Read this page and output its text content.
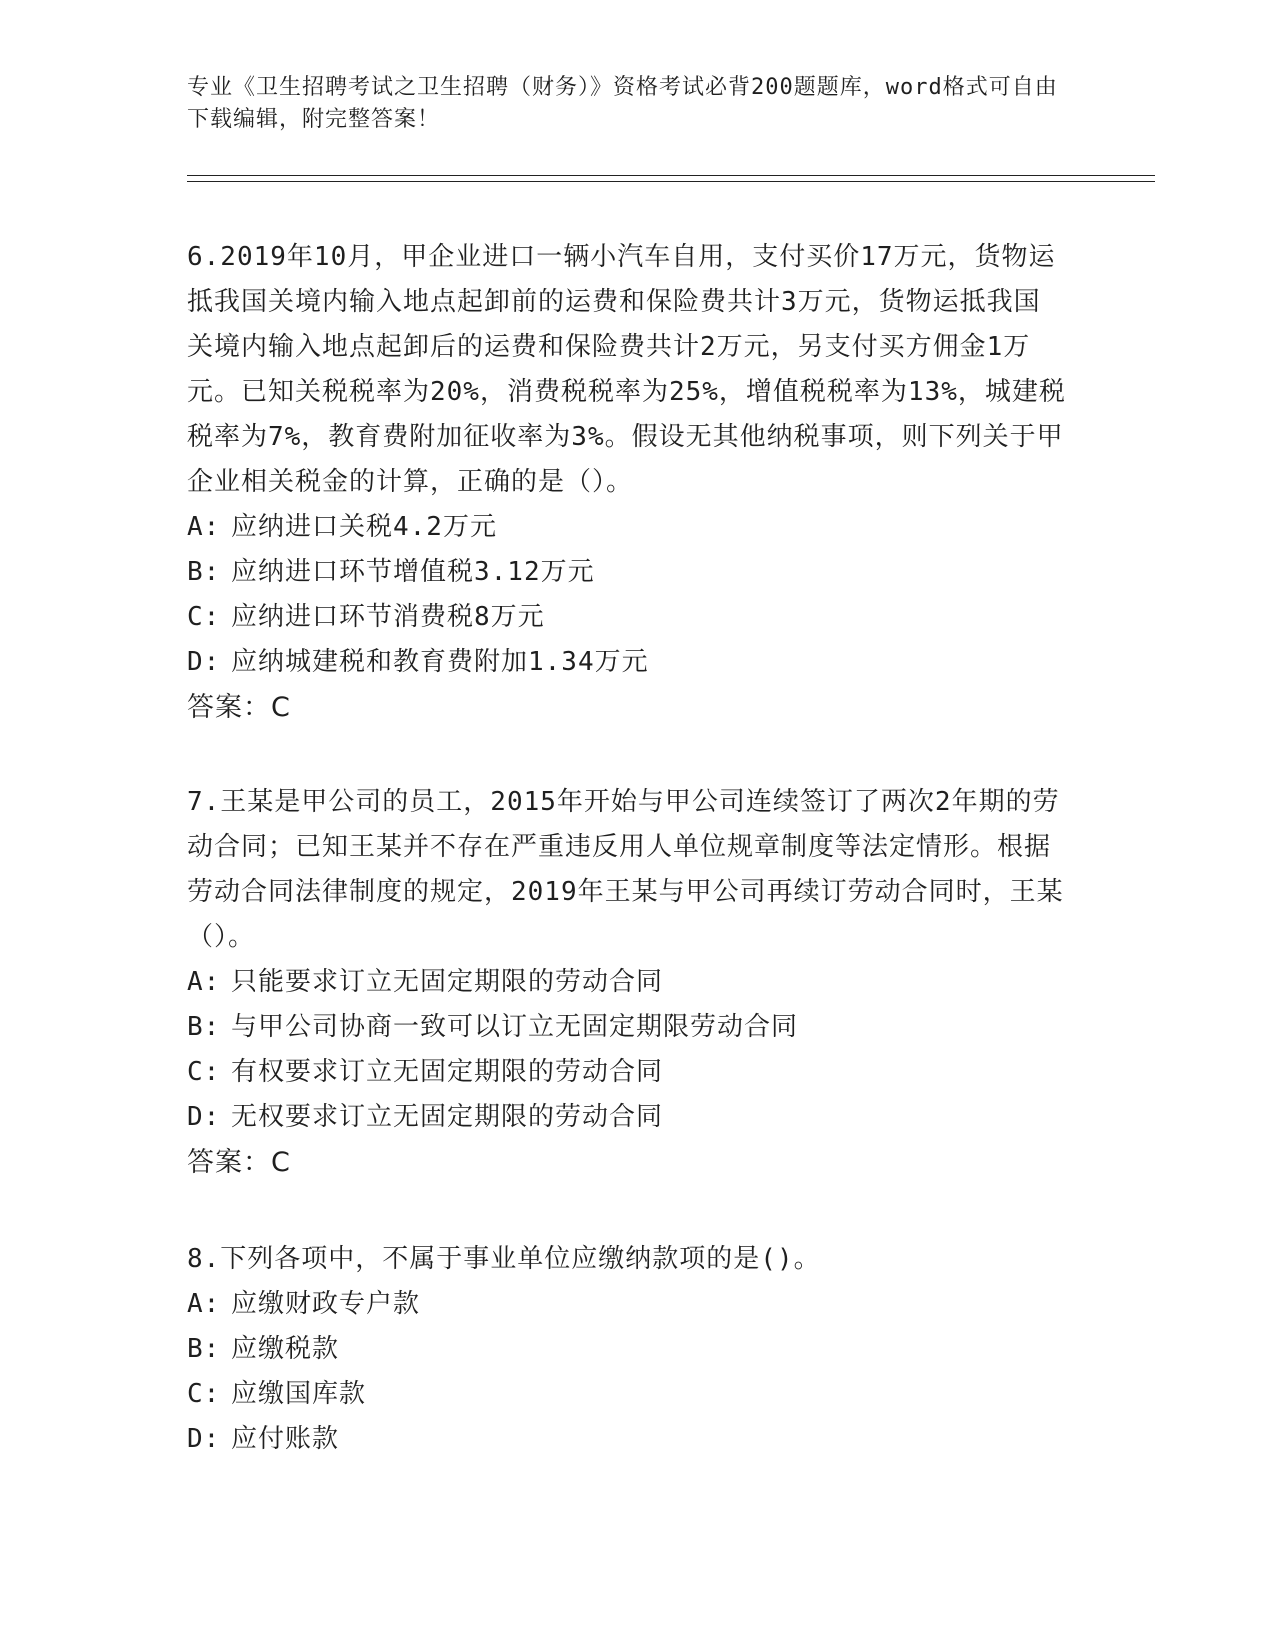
专业《卫生招聘考试之卫生招聘（财务）》资格考试必背200题题库，word格式可自由下载编辑，附完整答案！

6.2019年10月，甲企业进口一辆小汽车自用，支付买价17万元，货物运抵我国关境内输入地点起卸前的运费和保险费共计3万元，货物运抵我国关境内输入地点起卸后的运费和保险费共计2万元，另支付买方佣金1万元。已知关税税率为20%，消费税税率为25%，增值税税率为13%，城建税税率为7%，教育费附加征收率为3%。假设无其他纳税事项，则下列关于甲企业相关税金的计算，正确的是（）。

A: 应纳进口关税4.2万元

B: 应纳进口环节增值税3.12万元

C: 应纳进口环节消费税8万元

D: 应纳城建税和教育费附加1.34万元

答案：C

7.王某是甲公司的员工，2015年开始与甲公司连续签订了两次2年期的劳动合同；已知王某并不存在严重违反用人单位规章制度等法定情形。根据劳动合同法律制度的规定，2019年王某与甲公司再续订劳动合同时，王某（）。

A: 只能要求订立无固定期限的劳动合同

B: 与甲公司协商一致可以订立无固定期限劳动合同

C: 有权要求订立无固定期限的劳动合同

D: 无权要求订立无固定期限的劳动合同

答案：C

8.下列各项中，不属于事业单位应缴纳款项的是()。

A: 应缴财政专户款

B: 应缴税款

C: 应缴国库款

D: 应付账款
